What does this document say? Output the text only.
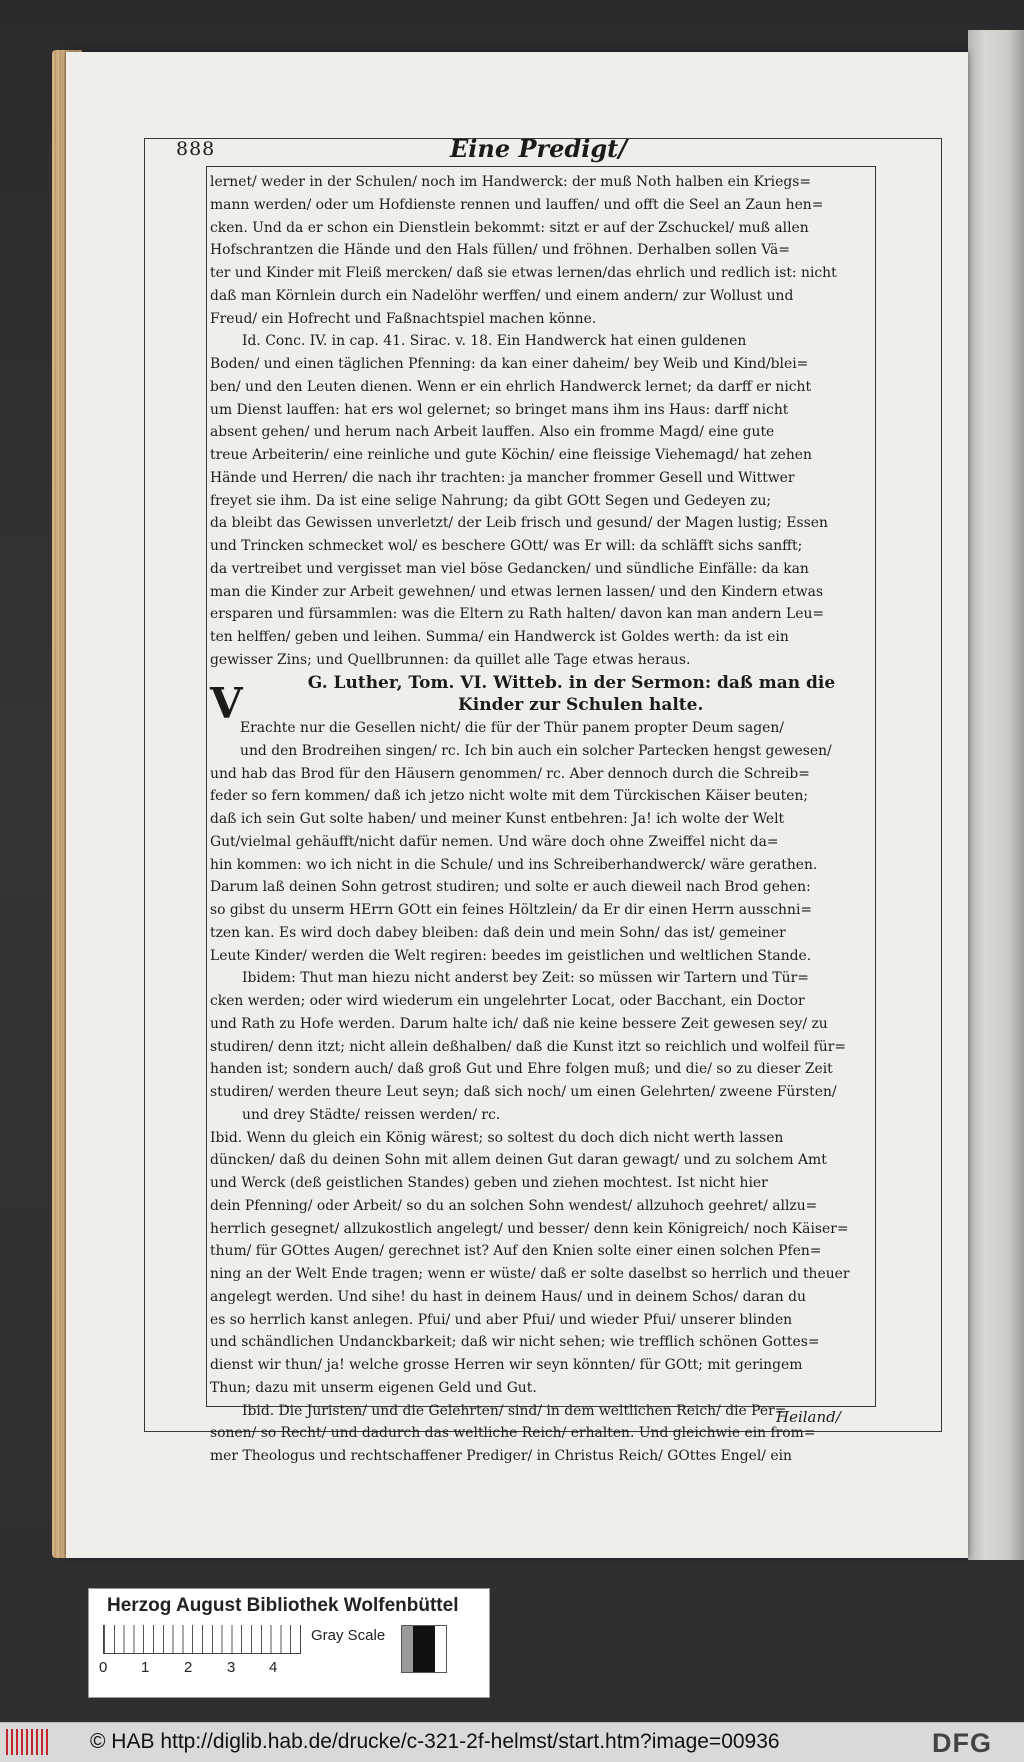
888	Eine Predigt/
V
lernet/ weder in der Schulen/ noch im Handwerck: der muß Noth halben ein Kriegs=
mann werden/ oder um Hofdienste rennen und lauffen/ und offt die Seel an Zaun hen=
cken. Und da er schon ein Dienstlein bekommt: sitzt er auf der Zschuckel/ muß allen
Hofschrantzen die Hände und den Hals füllen/ und fröhnen. Derhalben sollen Vä=
ter und Kinder mit Fleiß mercken/ daß sie etwas lernen/das ehrlich und redlich ist: nicht
daß man Körnlein durch ein Nadelöhr werffen/ und einem andern/ zur Wollust und
Freud/ ein Hofrecht und Faßnachtspiel machen könne.
Id. Conc. IV. in cap. 41. Sirac. v. 18. Ein Handwerck hat einen guldenen
Boden/ und einen täglichen Pfenning: da kan einer daheim/ bey Weib und Kind/blei=
ben/ und den Leuten dienen. Wenn er ein ehrlich Handwerck lernet; da darff er nicht
um Dienst lauffen: hat ers wol gelernet; so bringet mans ihm ins Haus: darff nicht
absent gehen/ und herum nach Arbeit lauffen. Also ein fromme Magd/ eine gute
treue Arbeiterin/ eine reinliche und gute Köchin/ eine fleissige Viehemagd/ hat zehen
Hände und Herren/ die nach ihr trachten: ja mancher frommer Gesell und Wittwer
freyet sie ihm. Da ist eine selige Nahrung; da gibt GOtt Segen und Gedeyen zu;
da bleibt das Gewissen unverletzt/ der Leib frisch und gesund/ der Magen lustig; Essen
und Trincken schmecket wol/ es beschere GOtt/ was Er will: da schläfft sichs sanfft;
da vertreibet und vergisset man viel böse Gedancken/ und sündliche Einfälle: da kan
man die Kinder zur Arbeit gewehnen/ und etwas lernen lassen/ und den Kindern etwas
ersparen und fürsammlen: was die Eltern zu Rath halten/ davon kan man andern Leu=
ten helffen/ geben und leihen. Summa/ ein Handwerck ist Goldes werth: da ist ein
gewisser Zins; und Quellbrunnen: da quillet alle Tage etwas heraus.
G. Luther, Tom. VI. Witteb. in der Sermon: daß man die
Kinder zur Schulen halte.
Erachte nur die Gesellen nicht/ die für der Thür panem propter Deum sagen/
und den Brodreihen singen/ rc. Ich bin auch ein solcher Partecken hengst gewesen/
und hab das Brod für den Häusern genommen/ rc. Aber dennoch durch die Schreib=
feder so fern kommen/ daß ich jetzo nicht wolte mit dem Türckischen Käiser beuten;
daß ich sein Gut solte haben/ und meiner Kunst entbehren: Ja! ich wolte der Welt
Gut/vielmal gehäufft/nicht dafür nemen. Und wäre doch ohne Zweiffel nicht da=
hin kommen: wo ich nicht in die Schule/ und ins Schreiberhandwerck/ wäre gerathen.
Darum laß deinen Sohn getrost studiren; und solte er auch dieweil nach Brod gehen:
so gibst du unserm HErrn GOtt ein feines Höltzlein/ da Er dir einen Herrn ausschni=
tzen kan. Es wird doch dabey bleiben: daß dein und mein Sohn/ das ist/ gemeiner
Leute Kinder/ werden die Welt regiren: beedes im geistlichen und weltlichen Stande.
Ibidem: Thut man hiezu nicht anderst bey Zeit: so müssen wir Tartern und Tür=
cken werden; oder wird wiederum ein ungelehrter Locat, oder Bacchant, ein Doctor
und Rath zu Hofe werden. Darum halte ich/ daß nie keine bessere Zeit gewesen sey/ zu
studiren/ denn itzt; nicht allein deßhalben/ daß die Kunst itzt so reichlich und wolfeil für=
handen ist; sondern auch/ daß groß Gut und Ehre folgen muß; und die/ so zu dieser Zeit
studiren/ werden theure Leut seyn; daß sich noch/ um einen Gelehrten/ zweene Fürsten/
und drey Städte/ reissen werden/ rc.
Ibid. Wenn du gleich ein König wärest; so soltest du doch dich nicht werth lassen
düncken/ daß du deinen Sohn mit allem deinen Gut daran gewagt/ und zu solchem Amt
und Werck (deß geistlichen Standes) geben und ziehen mochtest. Ist nicht hier
dein Pfenning/ oder Arbeit/ so du an solchen Sohn wendest/ allzuhoch geehret/ allzu=
herrlich gesegnet/ allzukostlich angelegt/ und besser/ denn kein Königreich/ noch Käiser=
thum/ für GOttes Augen/ gerechnet ist? Auf den Knien solte einer einen solchen Pfen=
ning an der Welt Ende tragen; wenn er wüste/ daß er solte daselbst so herrlich und theuer
angelegt werden. Und sihe! du hast in deinem Haus/ und in deinem Schos/ daran du
es so herrlich kanst anlegen. Pfui/ und aber Pfui/ und wieder Pfui/ unserer blinden
und schändlichen Undanckbarkeit; daß wir nicht sehen; wie trefflich schönen Gottes=
dienst wir thun/ ja! welche grosse Herren wir seyn könnten/ für GOtt; mit geringem
Thun; dazu mit unserm eigenen Geld und Gut.
Ibid. Die Juristen/ und die Gelehrten/ sind/ in dem weltlichen Reich/ die Per=
sonen/ so Recht/ und dadurch das weltliche Reich/ erhalten. Und gleichwie ein from=
mer Theologus und rechtschaffener Prediger/ in Christus Reich/ GOttes Engel/ ein
Heiland/
Herzog August Bibliothek Wolfenbüttel
0 1 2 3 4
Gray Scale
© HAB http://diglib.hab.de/drucke/c-321-2f-helmst/start.htm?image=00936	DFG
